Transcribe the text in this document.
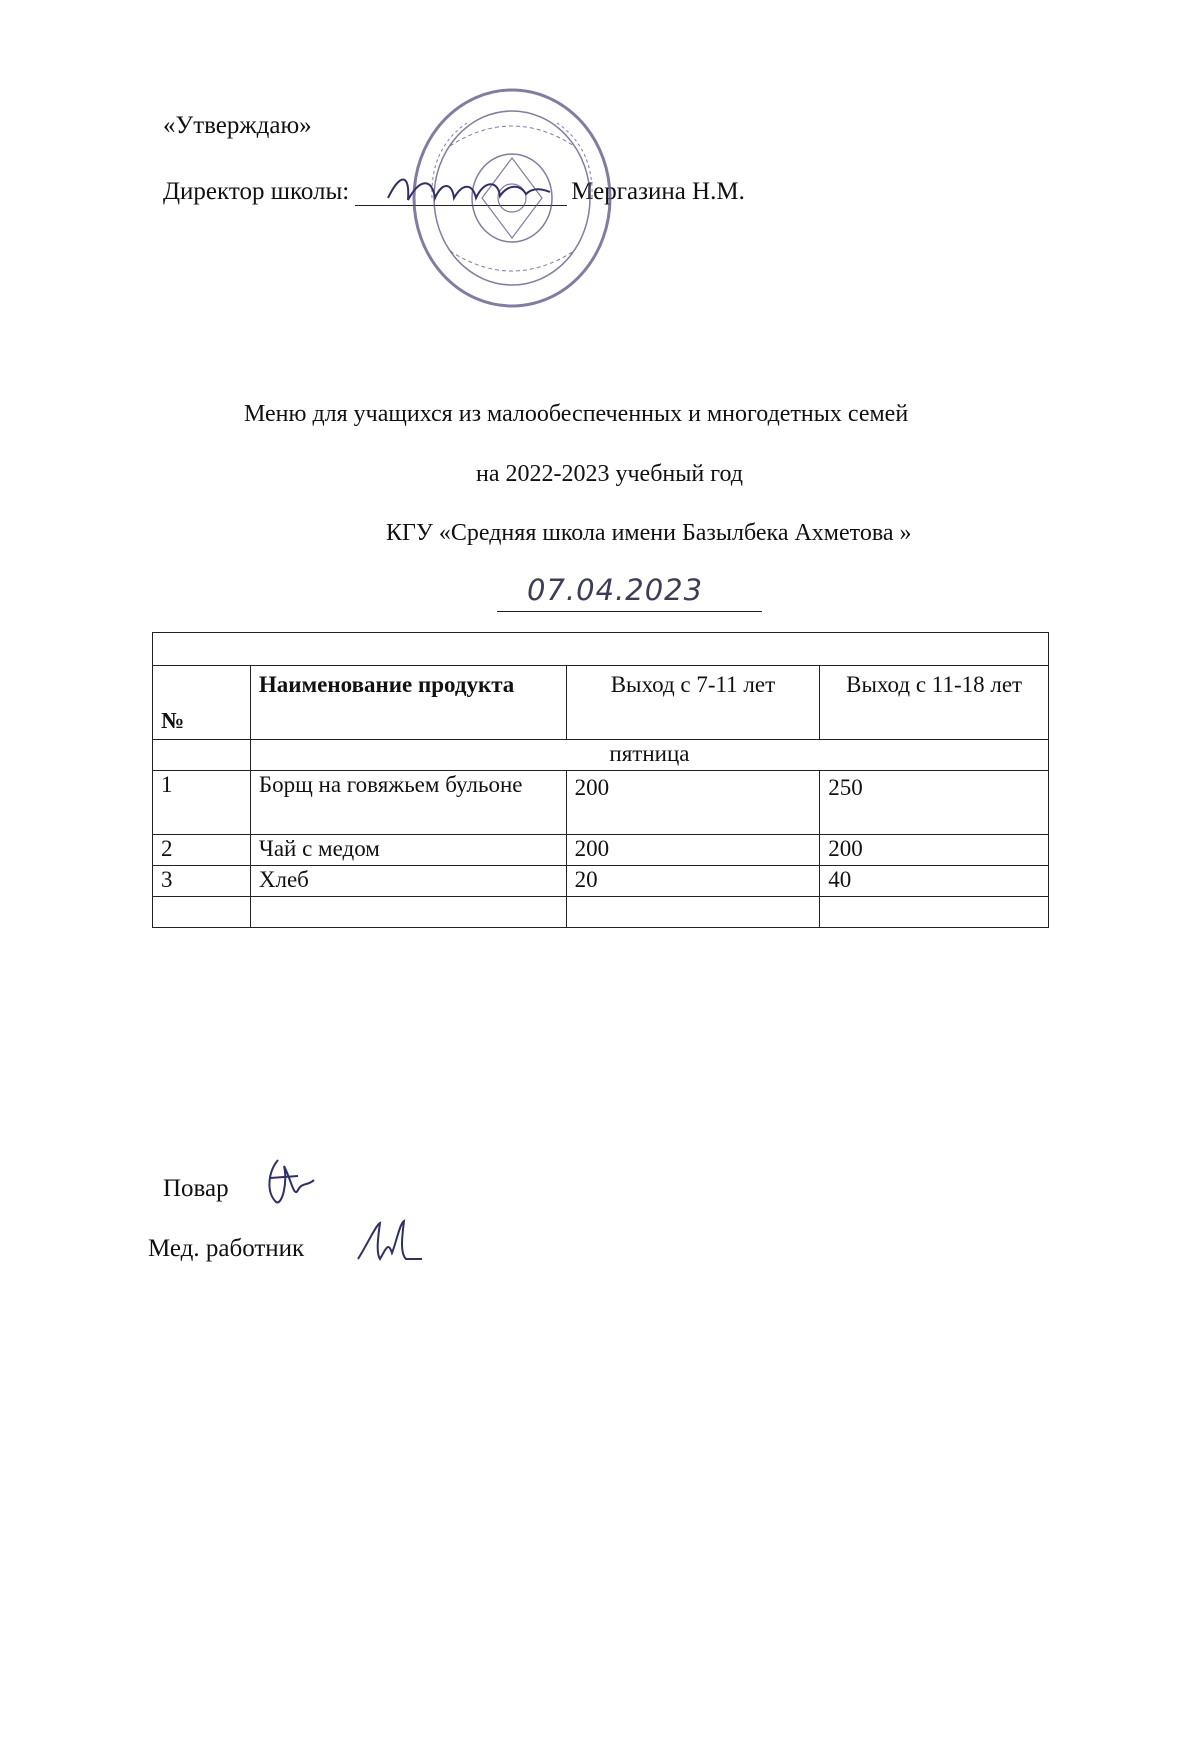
«Утверждаю»
Директор школы:	Мергазина Н.М.
Меню для учащихся из малообеспеченных и многодетных семей
на 2022-2023 учебный год
КГУ «Средняя школа имени Базылбека Ахметова »
07.04.2023

№	Наименование продукта	Выход с 7-11 лет	Выход с 11-18 лет
	пятница		
1	Борщ на говяжьем бульоне	200	250
2	Чай с медом	200	200
3	Хлеб	20	40

Повар
Мед. работник
